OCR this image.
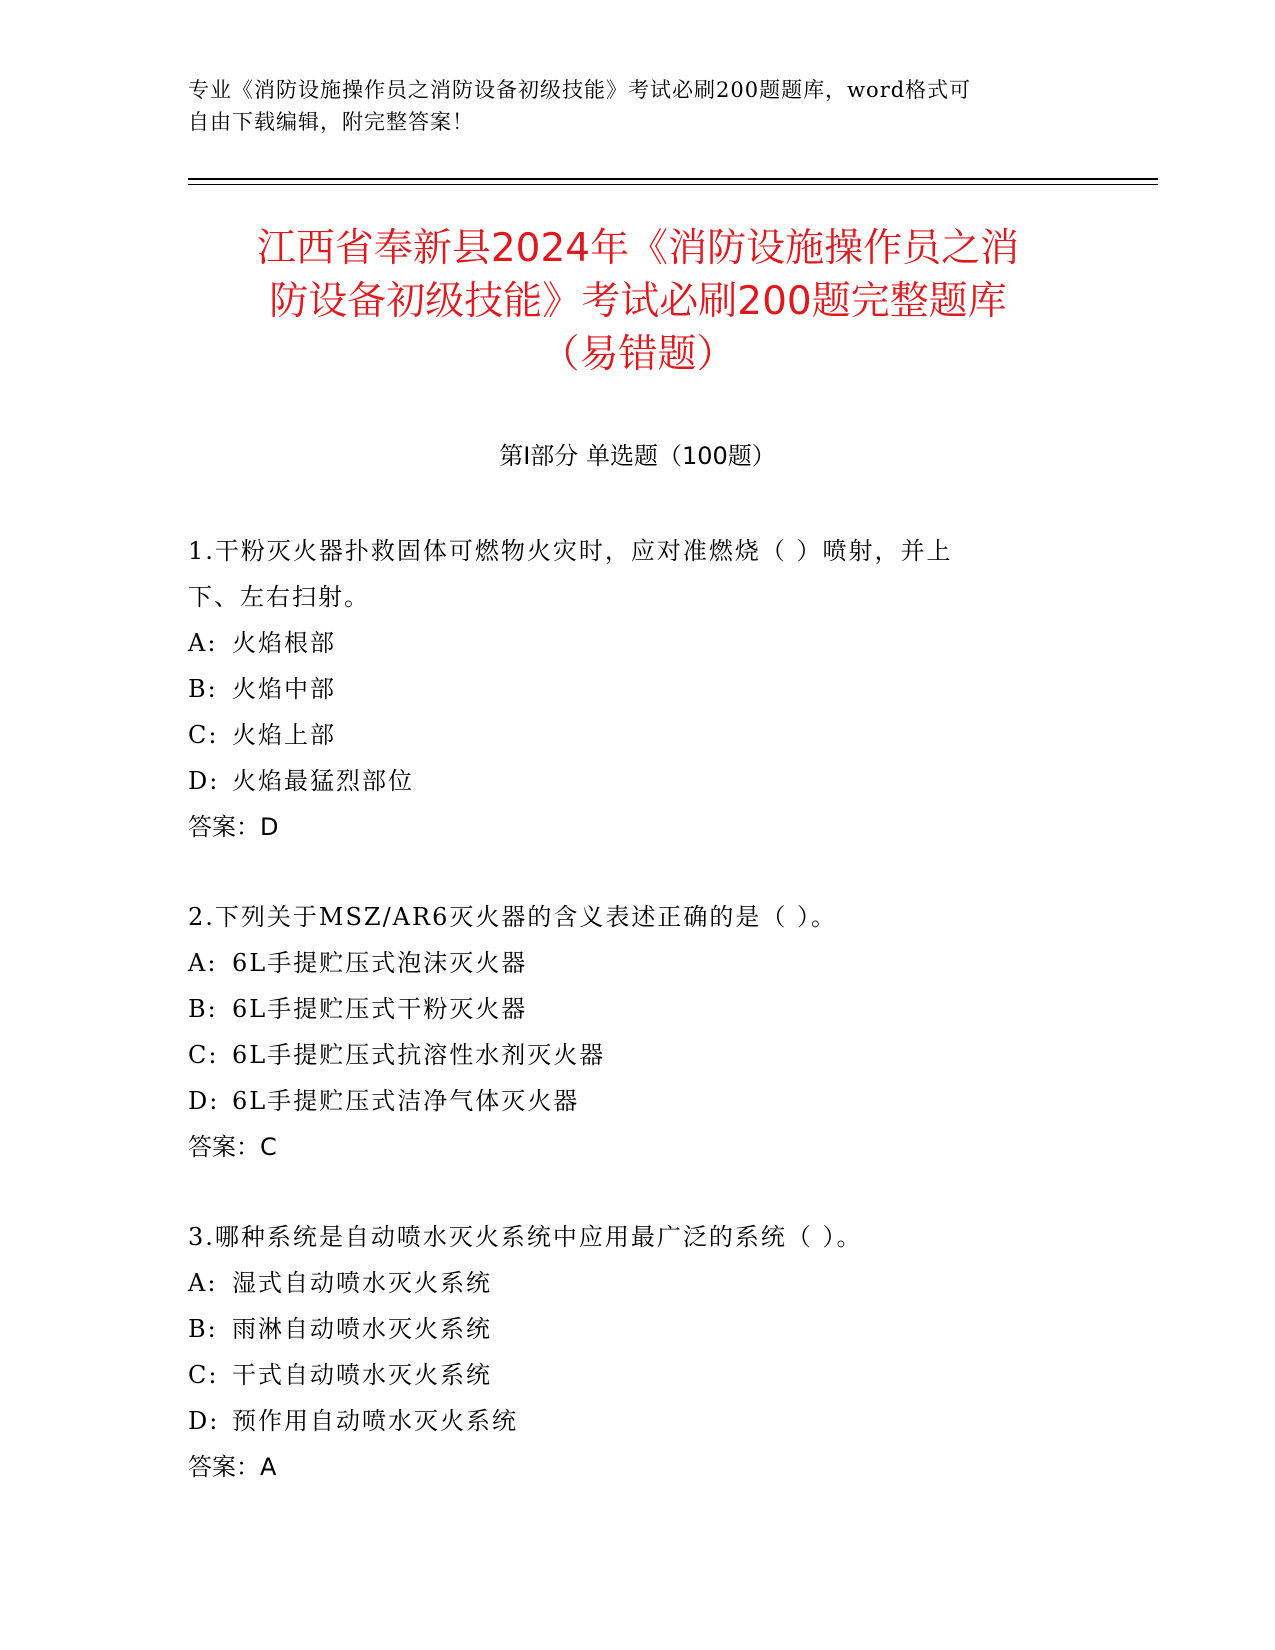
专业《消防设施操作员之消防设备初级技能》考试必刷200题题库，word格式可
自由下载编辑，附完整答案！
江西省奉新县2024年《消防设施操作员之消
防设备初级技能》考试必刷200题完整题库
（易错题）
第I部分 单选题（100题）
1.干粉灭火器扑救固体可燃物火灾时，应对准燃烧（ ）喷射，并上
下、左右扫射。
A: 火焰根部
B: 火焰中部
C: 火焰上部
D: 火焰最猛烈部位
答案：D
2.下列关于MSZ/AR6灭火器的含义表述正确的是（ ）。
A: 6L手提贮压式泡沫灭火器
B: 6L手提贮压式干粉灭火器
C: 6L手提贮压式抗溶性水剂灭火器
D: 6L手提贮压式洁净气体灭火器
答案：C
3.哪种系统是自动喷水灭火系统中应用最广泛的系统（ ）。
A: 湿式自动喷水灭火系统
B: 雨淋自动喷水灭火系统
C: 干式自动喷水灭火系统
D: 预作用自动喷水灭火系统
答案：A
